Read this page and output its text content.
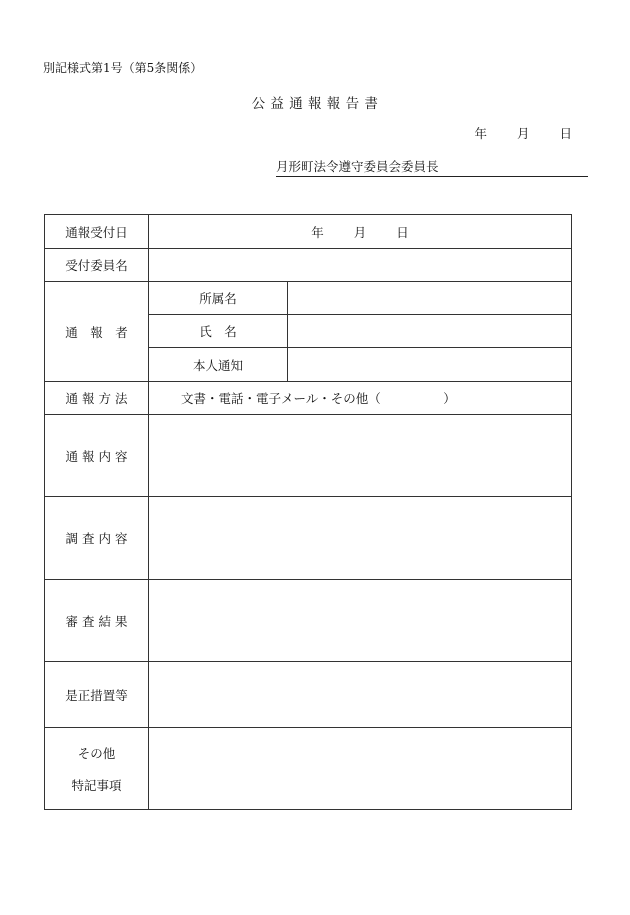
別記様式第1号（第5条関係）
公 益 通 報 報 告 書
年 月 日
月形町法令遵守委員会委員長
通報受付日	年 月 日	
受付委員名		
通　報　者	所属名	
	氏　名	
	本人通知	
通 報 方 法	文書・電話・電子メール・その他（　　　　　）	
通 報 内 容		
調 査 内 容		
審 査 結 果		
是正措置等		

その他
特記事項		
